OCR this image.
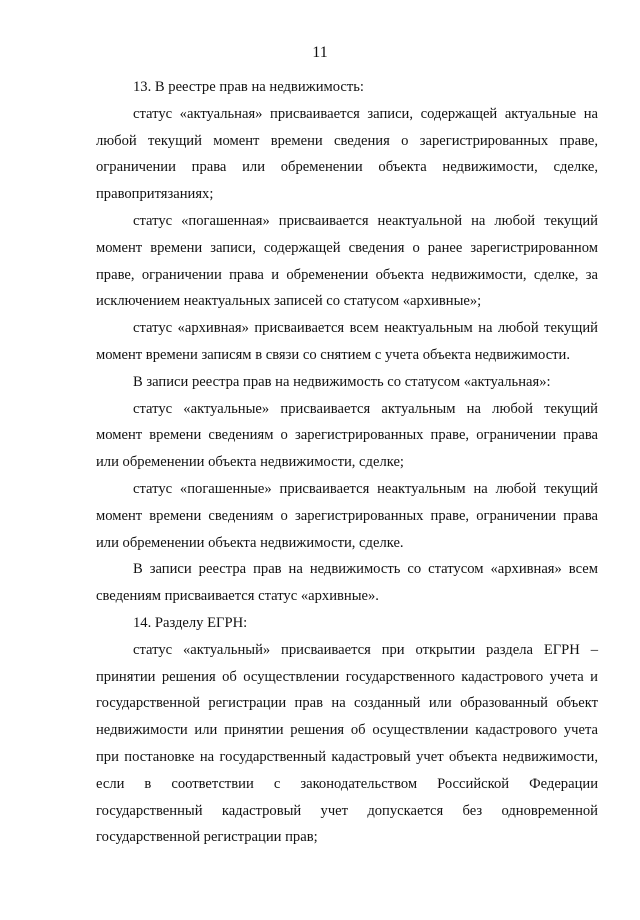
11

13. В реестре прав на недвижимость:

статус «актуальная» присваивается записи, содержащей актуальные на любой текущий момент времени сведения о зарегистрированных праве, ограничении права или обременении объекта недвижимости, сделке, правопритязаниях;

статус «погашенная» присваивается неактуальной на любой текущий момент времени записи, содержащей сведения о ранее зарегистрированном праве, ограничении права и обременении объекта недвижимости, сделке, за исключением неактуальных записей со статусом «архивные»;

статус «архивная» присваивается всем неактуальным на любой текущий момент времени записям в связи со снятием с учета объекта недвижимости.

В записи реестра прав на недвижимость со статусом «актуальная»:

статус «актуальные» присваивается актуальным на любой текущий момент времени сведениям о зарегистрированных праве, ограничении права или обременении объекта недвижимости, сделке;

статус «погашенные» присваивается неактуальным на любой текущий момент времени сведениям о зарегистрированных праве, ограничении права или обременении объекта недвижимости, сделке.

В записи реестра прав на недвижимость со статусом «архивная» всем сведениям присваивается статус «архивные».

14. Разделу ЕГРН:

статус «актуальный» присваивается при открытии раздела ЕГРН – принятии решения об осуществлении государственного кадастрового учета и государственной регистрации прав на созданный или образованный объект недвижимости или принятии решения об осуществлении кадастрового учета при постановке на государственный кадастровый учет объекта недвижимости, если в соответствии с законодательством Российской Федерации государственный кадастровый учет допускается без одновременной государственной регистрации прав;
